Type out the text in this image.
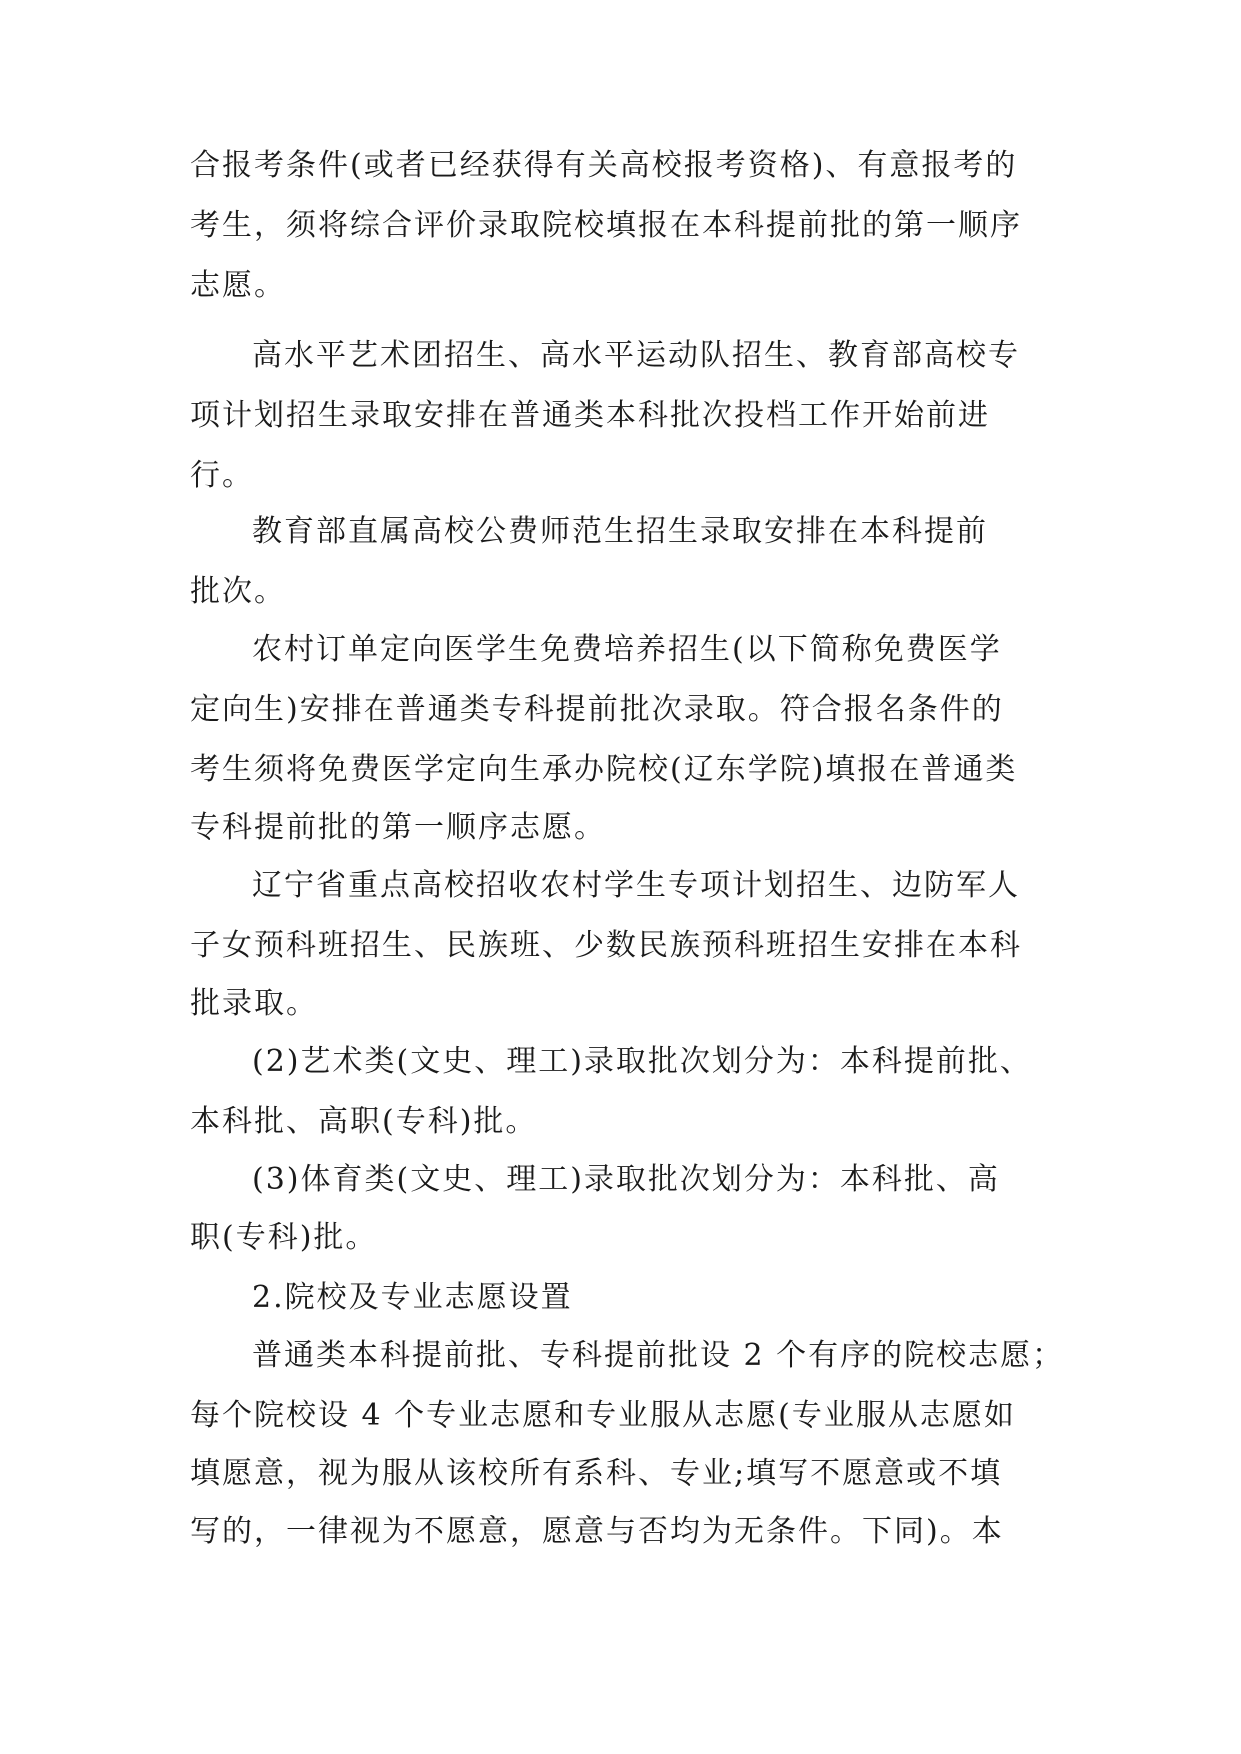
合报考条件(或者已经获得有关高校报考资格)、有意报考的
考生，须将综合评价录取院校填报在本科提前批的第一顺序
志愿。
高水平艺术团招生、高水平运动队招生、教育部高校专
项计划招生录取安排在普通类本科批次投档工作开始前进
行。
教育部直属高校公费师范生招生录取安排在本科提前
批次。
农村订单定向医学生免费培养招生(以下简称免费医学
定向生)安排在普通类专科提前批次录取。符合报名条件的
考生须将免费医学定向生承办院校(辽东学院)填报在普通类
专科提前批的第一顺序志愿。
辽宁省重点高校招收农村学生专项计划招生、边防军人
子女预科班招生、民族班、少数民族预科班招生安排在本科
批录取。
(2)艺术类(文史、理工)录取批次划分为：本科提前批、
本科批、高职(专科)批。
(3)体育类(文史、理工)录取批次划分为：本科批、高
职(专科)批。
2.院校及专业志愿设置
普通类本科提前批、专科提前批设 2 个有序的院校志愿；
每个院校设 4 个专业志愿和专业服从志愿(专业服从志愿如
填愿意，视为服从该校所有系科、专业;填写不愿意或不填
写的，一律视为不愿意，愿意与否均为无条件。下同)。本
